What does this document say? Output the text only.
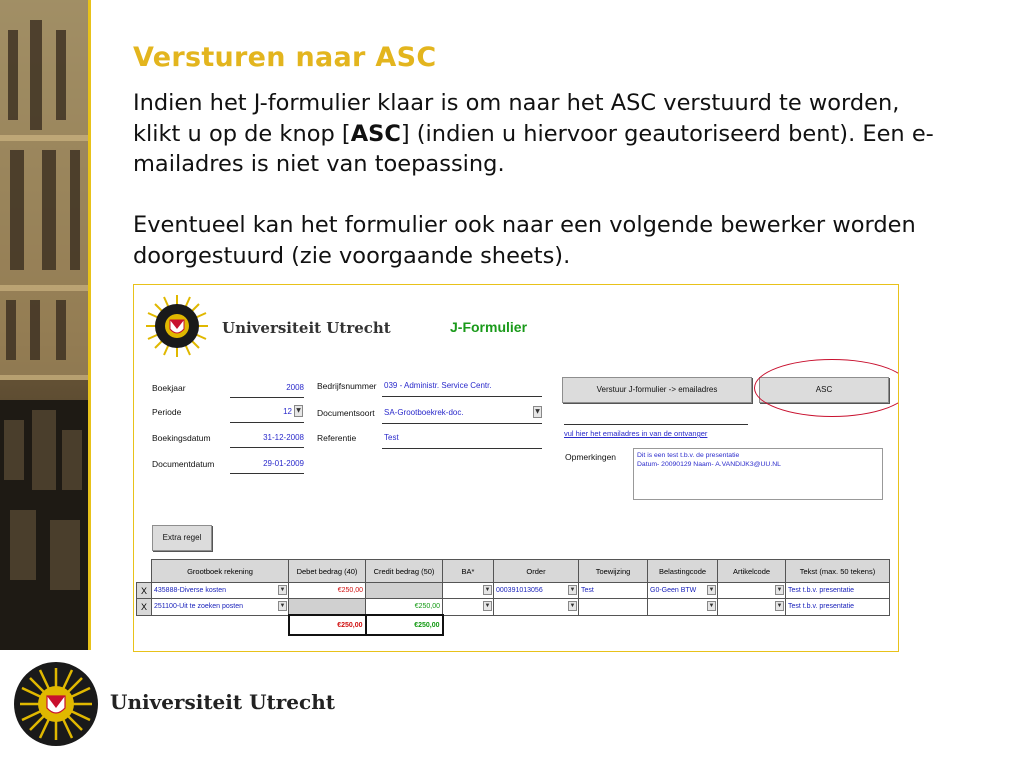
Versturen naar ASC
Indien het J-formulier klaar is om naar het ASC verstuurd te worden, klikt u op de knop [ASC] (indien u hiervoor geautoriseerd bent). Een e-mailadres is niet van toepassing.
Eventueel kan het formulier ook naar een volgende bewerker worden doorgestuurd (zie voorgaande sheets).
Universiteit Utrecht	J-Formulier
Boekjaar	2008
Periode	12 ▼
Boekingsdatum	31-12-2008
Documentdatum	29-01-2009
Bedrijfsnummer 039 - Administr. Service Centr.
Documentsoort SA-Grootboekrek-doc.	▼
Referentie	Test
Verstuur J-formulier -> emailadres	ASC
vul hier het emailadres in van de ontvanger
Opmerkingen	Dit is een test t.b.v. de presentatie
Datum- 20090129 Naam- A.VANDIJK3@UU.NL
Extra regel
	Grootboek rekening	Debet bedrag (40)	Credit bedrag (50)	BA*	Order	Toewijzing	Belastingcode	Artikelcode	Tekst (max. 50 tekens)
X	435888-Diverse kosten ▼	€250,00		▼	000391013056 ▼	Test	G0-Geen BTW ▼	▼	Test t.b.v. presentatie
X	251100-Uit te zoeken posten ▼		€250,00	▼	▼		▼	▼	Test t.b.v. presentatie
		€250,00	€250,00						
Universiteit Utrecht
